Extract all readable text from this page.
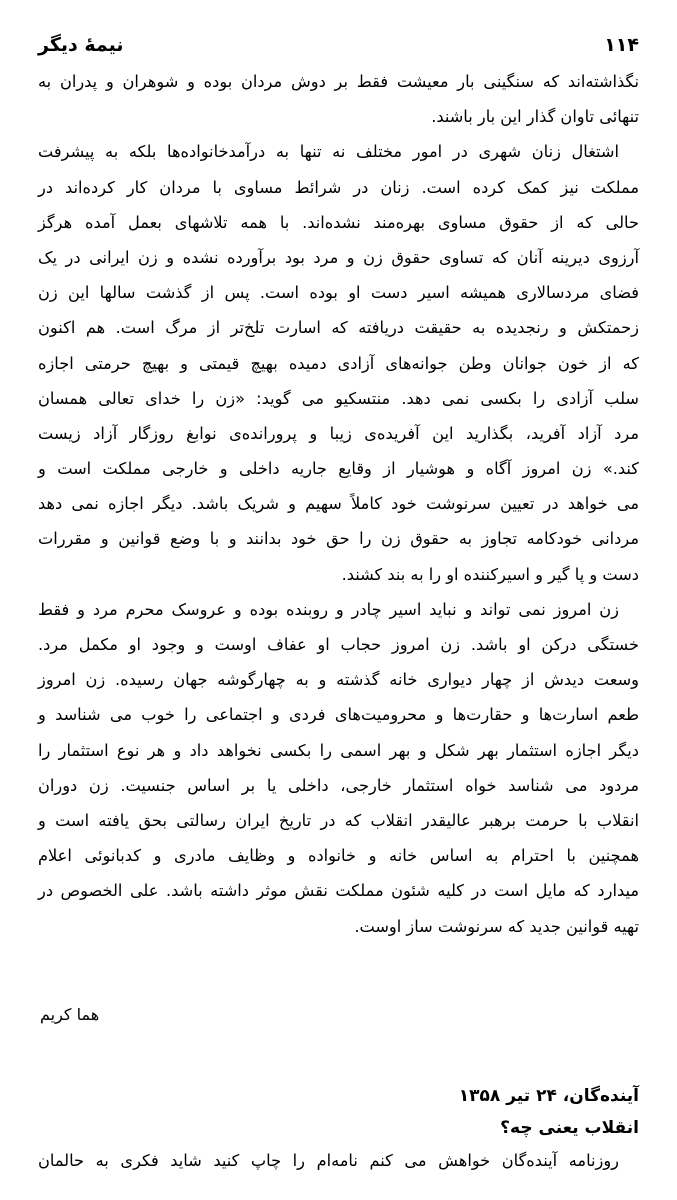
۱۱۴
نیمهٔ دیگر
نگذاشته‌اند که سنگینی بار معیشت فقط بر دوش مردان بوده و شوهران و پدران به
تنهائی تاوان گذار این بار باشند.
اشتغال زنان شهری در امور مختلف نه تنها به درآمدخانواده‌ها بلکه به پیشرفت
مملکت نیز کمک کرده است. زنان در شرائط مساوی با مردان کار کرده‌اند در
حالی که از حقوق مساوی بهره‌مند نشده‌اند. با همه تلاشهای بعمل آمده هرگز
آرزوی دیرینه آنان که تساوی حقوق زن و مرد بود برآورده نشده و زن ایرانی در یک
فضای مردسالاری همیشه اسیر دست او بوده است. پس از گذشت سالها این زن
زحمتکش و رنجدیده به حقیقت دریافته که اسارت تلخ‌تر از مرگ است. هم اکنون
که از خون جوانان وطن جوانه‌های آزادی دمیده بهیچ قیمتی و بهیچ حرمتی اجازه
سلب آزادی را بکسی نمی دهد. منتسکیو می گوید: «زن را خدای تعالی همسان
مرد آزاد آفرید، بگذارید این آفریده‌ی زیبا و پرورانده‌ی نوابغ روزگار آزاد زیست
کند.» زن امروز آگاه و هوشیار از وقایع جاریه داخلی و خارجی مملکت است و
می خواهد در تعیین سرنوشت خود کاملاً سهیم و شریک باشد. دیگر اجازه نمی دهد
مردانی خودکامه تجاوز به حقوق زن را حق خود بدانند و با وضع قوانین و مقررات
دست و پا گیر و اسیرکننده او را به بند کشند.
زن امروز نمی تواند و نباید اسیر چادر و روبنده بوده و عروسک محرم مرد و فقط
خستگی درکن او باشد. زن امروز حجاب او عفاف اوست و وجود او مکمل مرد.
وسعت دیدش از چهار دیواری خانه گذشته و به چهارگوشه جهان رسیده. زن امروز
طعم اسارت‌ها و حقارت‌ها و محرومیت‌های فردی و اجتماعی را خوب می شناسد و
دیگر اجازه استثمار بهر شکل و بهر اسمی را بکسی نخواهد داد و هر نوع استثمار را
مردود می شناسد خواه استثمار خارجی، داخلی یا بر اساس جنسیت. زن دوران
انقلاب با حرمت برهبر عالیقدر انقلاب که در تاریخ ایران رسالتی بحق یافته است و
همچنین با احترام به اساس خانه و خانواده و وظایف مادری و کدبانوئی اعلام
میدارد که مایل است در کلیه شئون مملکت نقش موثر داشته باشد. علی الخصوص در
تهیه قوانین جدید که سرنوشت ساز اوست.
هما کریم
آینده‌گان، ۲۴ تیر ۱۳۵۸
انقلاب یعنی چه؟
روزنامه آینده‌گان خواهش می کنم نامه‌ام را چاپ کنید شاید فکری به حالمان
